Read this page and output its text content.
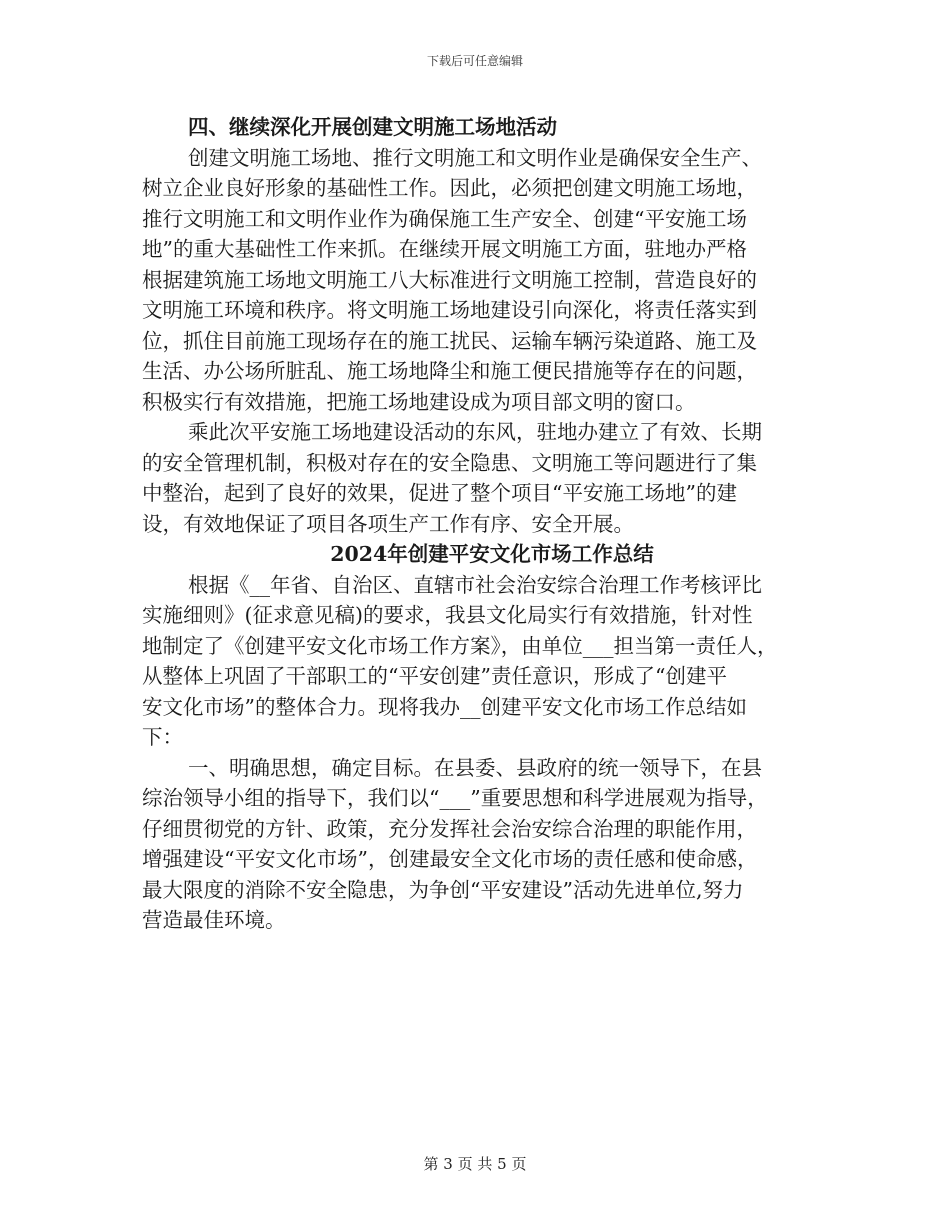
下载后可任意编辑
四、继续深化开展创建文明施工场地活动
创建文明施工场地、推行文明施工和文明作业是确保安全生产、
树立企业良好形象的基础性工作。因此，必须把创建文明施工场地，
推行文明施工和文明作业作为确保施工生产安全、创建“平安施工场
地”的重大基础性工作来抓。在继续开展文明施工方面，驻地办严格
根据建筑施工场地文明施工八大标准进行文明施工控制，营造良好的
文明施工环境和秩序。将文明施工场地建设引向深化，将责任落实到
位，抓住目前施工现场存在的施工扰民、运输车辆污染道路、施工及
生活、办公场所脏乱、施工场地降尘和施工便民措施等存在的问题，
积极实行有效措施，把施工场地建设成为项目部文明的窗口。
乘此次平安施工场地建设活动的东风，驻地办建立了有效、长期
的安全管理机制，积极对存在的安全隐患、文明施工等问题进行了集
中整治，起到了良好的效果，促进了整个项目“平安施工场地”的建
设，有效地保证了项目各项生产工作有序、安全开展。
2024年创建平安文化市场工作总结
根据《__年省、自治区、直辖市社会治安综合治理工作考核评比
实施细则》(征求意见稿)的要求，我县文化局实行有效措施，针对性
地制定了《创建平安文化市场工作方案》，由单位___担当第一责任人，
从整体上巩固了干部职工的“平安创建”责任意识，形成了“创建平
安文化市场”的整体合力。现将我办__创建平安文化市场工作总结如
下：
一、明确思想，确定目标。在县委、县政府的统一领导下，在县
综治领导小组的指导下，我们以“___”重要思想和科学进展观为指导，
仔细贯彻党的方针、政策，充分发挥社会治安综合治理的职能作用，
增强建设“平安文化市场”，创建最安全文化市场的责任感和使命感，
最大限度的消除不安全隐患，为争创“平安建设”活动先进单位,努力
营造最佳环境。
第 3 页 共 5 页
